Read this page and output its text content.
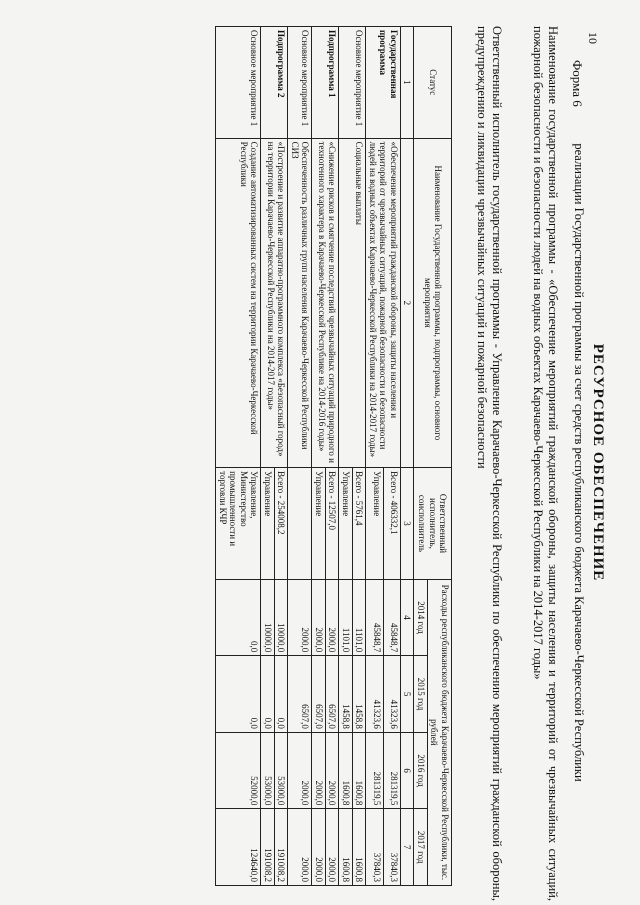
10
Форма 6
РЕСУРСНОЕ ОБЕСПЕЧЕНИЕ
реализации Государственной программы за счет средств республиканского бюджета Карачаево-Черкесской Республики
Наименование государственной программы - «Обеспечение мероприятий гражданской обороны, защиты населения и территорий от чрезвычайных ситуаций, пожарной безопасности и безопасности людей на водных объектах Карачаево-Черкесской Республики на 2014-2017 годы»
Ответственный исполнитель государственной программы - Управление Карачаево-Черкесской Республики по обеспечению мероприятий гражданской обороны, предупреждению и ликвидации чрезвычайных ситуаций и пожарной безопасности
Статус	Наименование Государственной программы, подпрограммы, основного мероприятия	Ответственный исполнитель, соисполнитель	Расходы республиканского бюджета Карачаево-Черкесской Республики, тыс. рублей			
			2014 год	2015 год	2016 год	2017 год
1	2	3	4	5	6	7
Государственная программа	«Обеспечение мероприятий гражданской обороны, защиты населения и территорий от чрезвычайных ситуаций, пожарной безопасности и безопасности людей на водных объектах Карачаево-Черкесской Республики на 2014-2017 годы»	Всего - 406332,1	45848,7	41323,6	281319,5	37840,3
		Управление	45848,7	41323,6	281319,5	37840,3
Основное мероприятие 1	Социальные выплаты	Всего - 5761,4	1101,0	1458,8	1600,8	1600,8
		Управление	1101,0	1458,8	1600,8	1600,8
Подпрограмма 1	«Снижение рисков и смягчение последствий чрезвычайных ситуаций природного и техногенного характера в Карачаево-Черкесской Республике на 2014-2016 годы»	Всего - 12507,0	2000,0	6507,0	2000,0	2000,0
		Управление	2000,0	6507,0	2000,0	2000,0
Основное мероприятие 1	Обеспеченность различных групп населения Карачаево-Черкесской Республики СИЗ		2000,0	6507,0	2000,0	2000,0
Подпрограмма 2	«Построение и развитие аппаратно-программного комплекса «Безопасный город» на территории Карачаево-Черкесской Республики на 2014-2017 годы»	Всего - 254008,2	10000,0	0,0	53000,0	191008,2
		Управление	10000,0	0,0	53000,0	191008,2
Основное мероприятие 1	Создание автоматизированных систем на территории Карачаево-Черкесской Республики	Управление, Министерство промышленности и торговли КЧР	0,0	0,0	52000,0	124640,0
